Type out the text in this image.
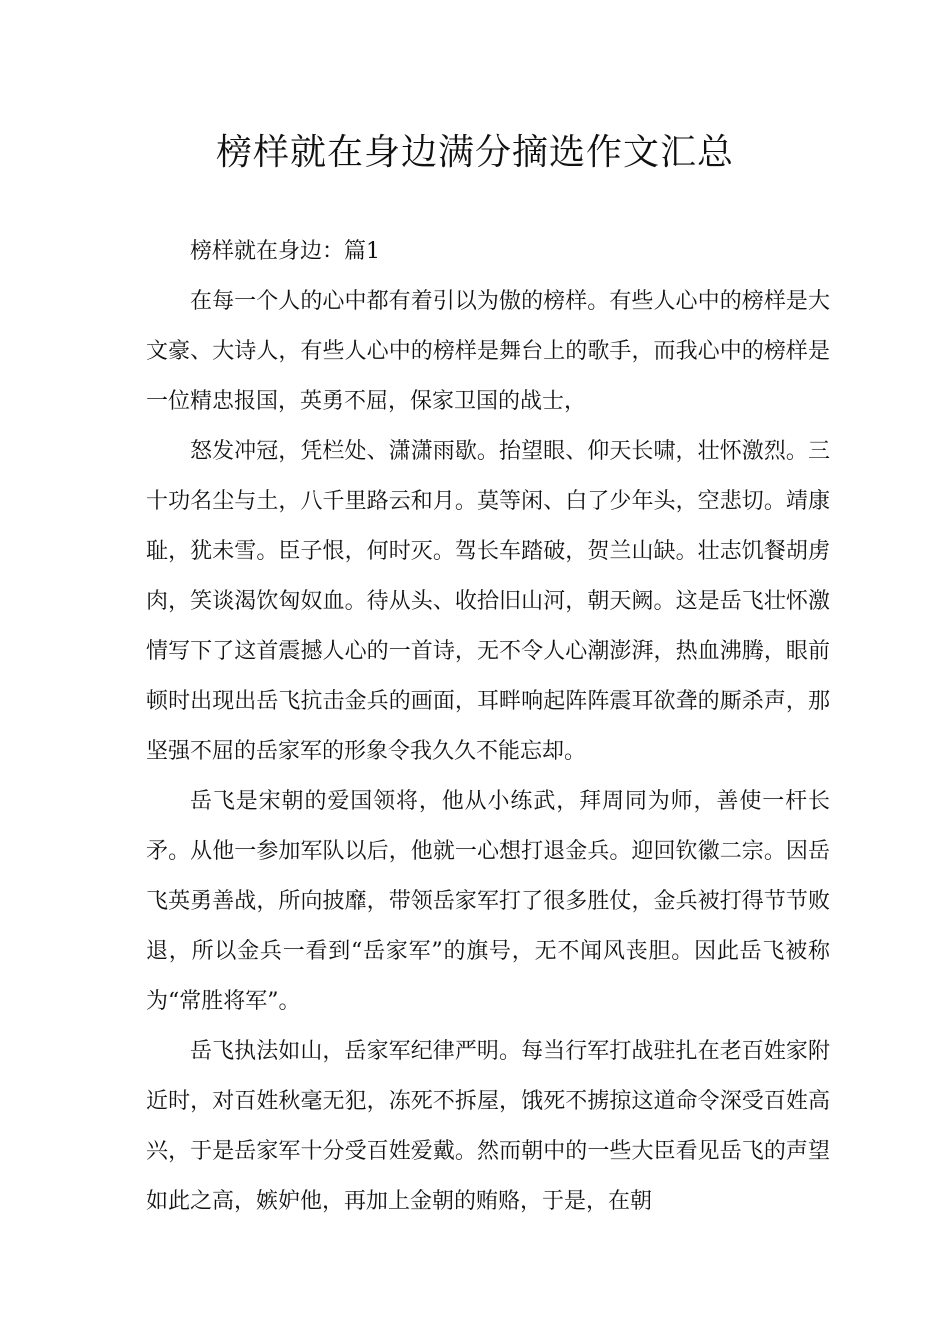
榜样就在身边满分摘选作文汇总

榜样就在身边：篇1

在每一个人的心中都有着引以为傲的榜样。有些人心中的榜样是大文豪、大诗人，有些人心中的榜样是舞台上的歌手，而我心中的榜样是一位精忠报国，英勇不屈，保家卫国的战士，

怒发冲冠，凭栏处、潇潇雨歇。抬望眼、仰天长啸，壮怀激烈。三十功名尘与土，八千里路云和月。莫等闲、白了少年头，空悲切。靖康耻，犹未雪。臣子恨，何时灭。驾长车踏破，贺兰山缺。壮志饥餐胡虏肉，笑谈渴饮匈奴血。待从头、收拾旧山河，朝天阙。这是岳飞壮怀激情写下了这首震撼人心的一首诗，无不令人心潮澎湃，热血沸腾，眼前顿时出现出岳飞抗击金兵的画面，耳畔响起阵阵震耳欲聋的厮杀声，那坚强不屈的岳家军的形象令我久久不能忘却。

岳飞是宋朝的爱国领将，他从小练武，拜周同为师，善使一杆长矛。从他一参加军队以后，他就一心想打退金兵。迎回钦徽二宗。因岳飞英勇善战，所向披靡，带领岳家军打了很多胜仗，金兵被打得节节败退，所以金兵一看到“岳家军”的旗号，无不闻风丧胆。因此岳飞被称为“常胜将军”。

岳飞执法如山，岳家军纪律严明。每当行军打战驻扎在老百姓家附近时，对百姓秋毫无犯，冻死不拆屋，饿死不掳掠这道命令深受百姓高兴，于是岳家军十分受百姓爱戴。然而朝中的一些大臣看见岳飞的声望如此之高，嫉妒他，再加上金朝的贿赂，于是，在朝
